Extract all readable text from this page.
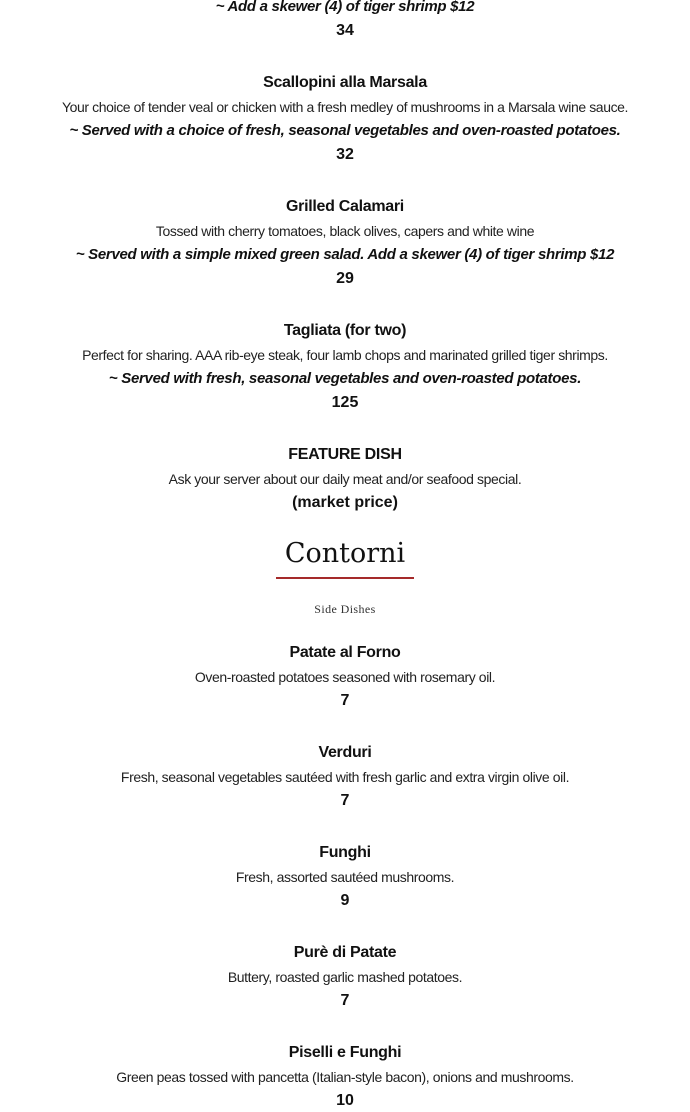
~ Add a skewer (4) of tiger shrimp $12
34
Scallopini alla Marsala
Your choice of tender veal or chicken with a fresh medley of mushrooms in a Marsala wine sauce.
~ Served with a choice of fresh, seasonal vegetables and oven-roasted potatoes.
32
Grilled Calamari
Tossed with cherry tomatoes, black olives, capers and white wine
~ Served with a simple mixed green salad. Add a skewer (4) of tiger shrimp $12
29
Tagliata (for two)
Perfect for sharing. AAA rib-eye steak, four lamb chops and marinated grilled tiger shrimps.
~ Served with fresh, seasonal vegetables and oven-roasted potatoes.
125
FEATURE DISH
Ask your server about our daily meat and/or seafood special.
(market price)
Contorni
Side Dishes
Patate al Forno
Oven-roasted potatoes seasoned with rosemary oil.
7
Verduri
Fresh, seasonal vegetables sautéed with fresh garlic and extra virgin olive oil.
7
Funghi
Fresh, assorted sautéed mushrooms.
9
Purè di Patate
Buttery, roasted garlic mashed potatoes.
7
Piselli e Funghi
Green peas tossed with pancetta (Italian-style bacon), onions and mushrooms.
10
